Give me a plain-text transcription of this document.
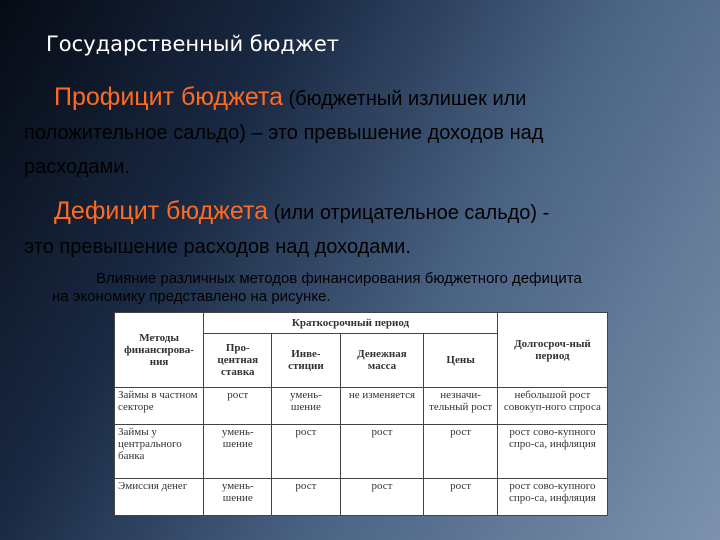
Государственный бюджет
Профицит бюджета (бюджетный излишек или
положительное сальдо) – это превышение доходов над
расходами.
Дефицит бюджета (или отрицательное сальдо) -
это превышение расходов над доходами.
Влияние различных методов финансирования бюджетного дефицита
на экономику представлено на рисунке.
Методы финансирова-ния	Краткосрочный период				Долгосроч-ный период
	Про-центная ставка	Инве-стиции	Денежная масса	Цены	
Займы в частном секторе	рост	умень-шение	не изменяется	незначи-тельный рост	небольшой рост совокуп-ного спроса
Займы у центрального банка	умень-шение	рост	рост	рост	рост сово-купного спро-са, инфляция
Эмиссия денег	умень-шение	рост	рост	рост	рост сово-купного спро-са, инфляция
